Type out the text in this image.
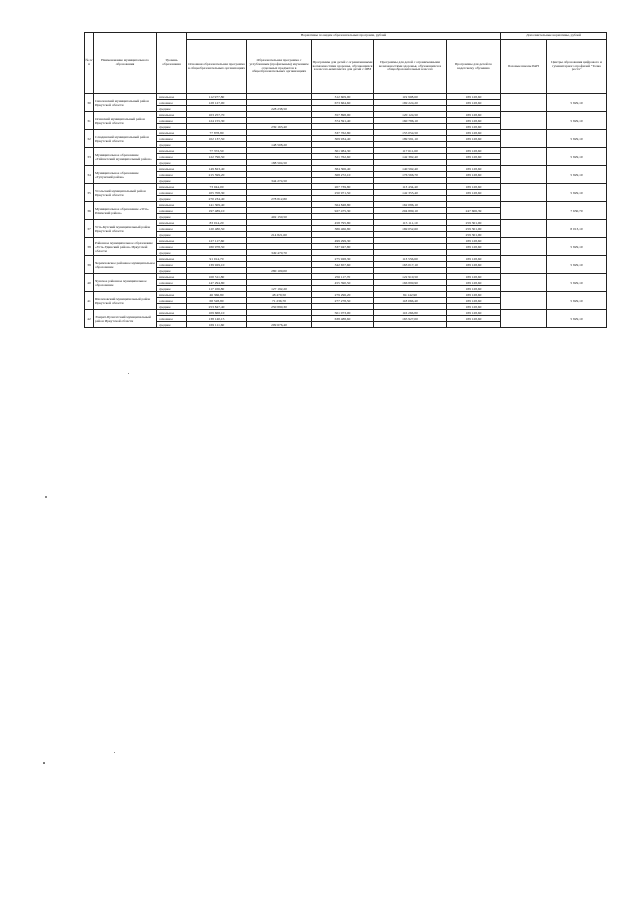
№ п/п	Наименование муниципального образования	Уровень образования	Нормативы по видам образовательных программ, рублей					Дополнительные нормативы, рублей	
			Основная образовательная программа в общеобразовательных организациях	Образовательная программа с углубленным (профильным) изучением отдельных предметов в общеобразовательных организациях	Программы для детей с ограниченными возможностями здоровья, обучающихся в классах-комплектах для детей с ОВЗ	Программы для детей с ограниченными возможностями здоровья, обучающихся в общеобразовательных классах	Программы для детей по кадетскому обучению	Базовые школы РАН	Центры образования цифрового и гуманитарного профилей "Точка роста"
30	Сиюловский муниципальный район Иркутской области	начальное	112 977,80		312 609,90	119 908,60	189 128,60		5 829,10
		основное	128 127,00		673 664,60	169 224,20	189 128,60		
		среднее		228 238,50					
31	Осинский муниципальный район Иркутской области	начальное	103 257,70		357 898,90	120 124,50	189 128,60		5 829,10
		основное	124 155,30		374 591,40	160 786,10	189 128,60		
		среднее		239 163,40			189 128,60		
32	Слюдянский муниципальный район Иркутской области	начальное	77 878,80		337 762,80	155 054,50	189 128,60		5 829,10
		основное	102 137,50		309 934,40	189 591,10	189 128,60		
		среднее		148 508,20					
33	Муниципальное образование «Тайшетский муниципальный район»	начальное	77 372,50		301 984,30	117 611,60	189 128,60		5 829,10
		основное	122 796,50		321 762,60	142 382,40	189 128,60		
		среднее		188 504,50					
34	Муниципальное образование «Тулунский район»	начальное	149 823,40		384 306,40	140 592,40	189 128,60		5 829,10
		основное	215 599,20		368 272,10	176 566,70	189 128,60		
		среднее		344 274,50					
35	Усольский муниципальный район Иркутской области	начальное	73 044,00		207 739,80	113 434,40	189 128,60		5 829,10
		основное	105 708,30		250 971,50	142 355,40	189 128,60		
		среднее	270 234,40	278 812,80					
36	Муниципальное образование «Усть-Илимский район»	начальное	141 309,40		564 848,80	162 086,10			7 630,70
		основное	197 489,10		927 475,30	204 899,10	247 606,39		
		среднее		402 150,50					
37	Усть-Кутский муниципальный район Иркутской области	начальное	83 014,20		458 795,80	115 111,10	259 301,90		8 013,10
		основное	120 480,50		386 466,80	169 052,60	259 301,90		
		среднее		214 821,60			259 301,90		
38	Районное муниципальное образование «Усть-Удинский район» Иркутской области	начальное	127 117,60		499 299,30		189 128,60		5 829,10
		основное	180 978,50		337 947,80		189 128,60		
		среднее		349 470,70					
39	Черемховское районное муниципальное образование	начальное	91 014,70		275 928,30	113 556,60	189 128,60		5 829,10
		основное	139 929,10		342 657,60	163 017,10	189 128,60		
		среднее		280 109,00					
40	Чунское районное муниципальное образование	начальное	100 511,80		256 117,70	122 910,50	189 128,60		5 829,10
		основное	147 294,80		455 390,50	166 899,90	189 128,60		
		среднее	117 106,80	127 192,20			189 128,60		
41	Шелеховский муниципальный район Иркутской области	начальное	46 366,80	48 479,50	279 296,20	84 142,90	189 128,60		5 829,10
		основное	68 528,80	71 236,70	277 278,50	118 066,40	189 128,60		
		среднее	253 847,40	250 890,30			189 128,60		
42	Эхирит-Булагатский муниципальный район Иркутской области	начальное	109 668,10		501 073,00	116 266,80	189 128,60		5 829,10
		основное	138 140,15		638 488,60	165 927,00	189 128,60		
		среднее	169 111,60	209 676,40					
